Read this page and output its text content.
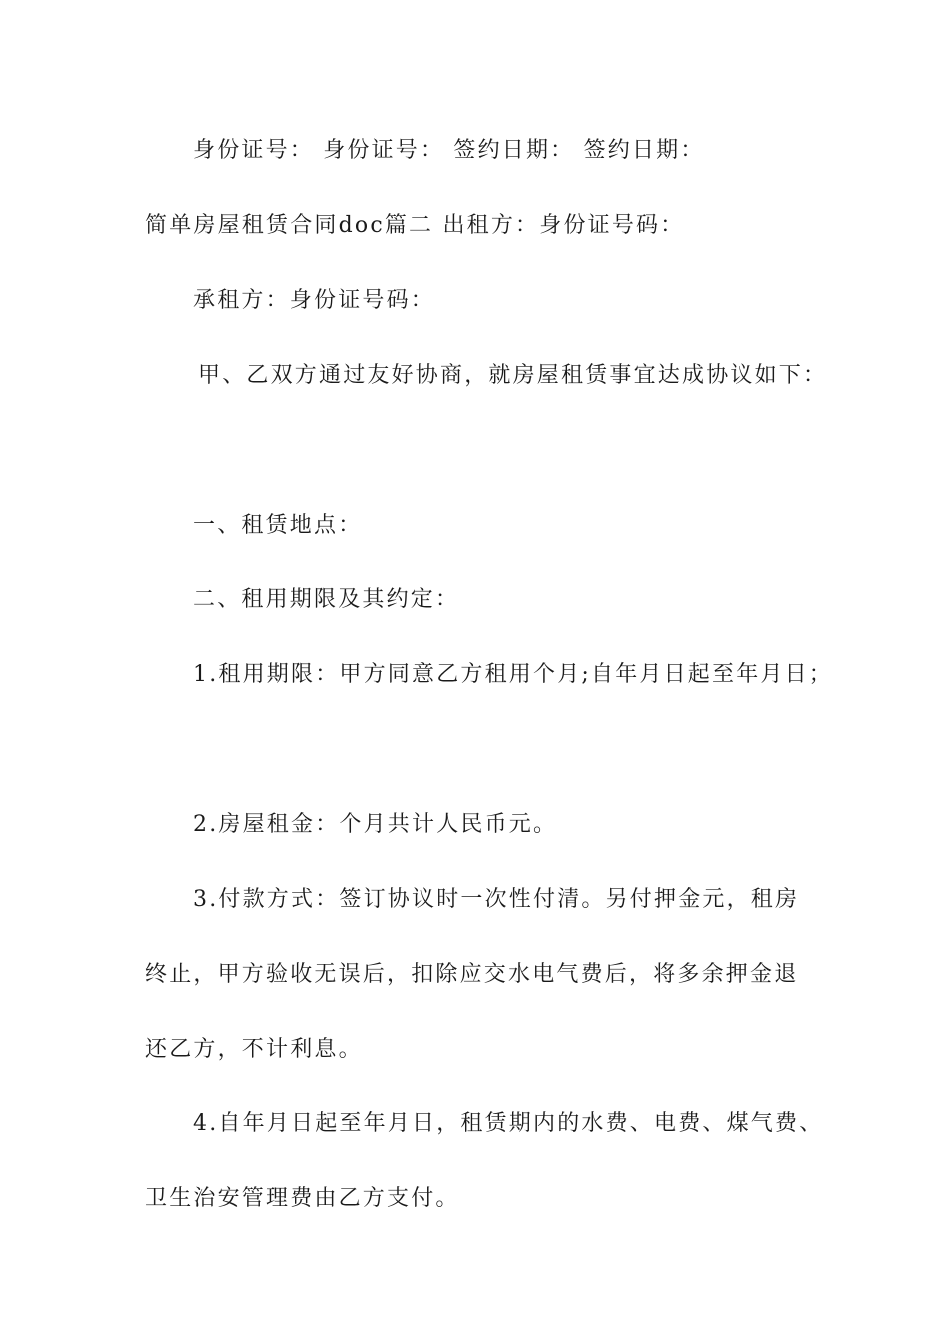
身份证号： 身份证号： 签约日期： 签约日期：
简单房屋租赁合同doc篇二 出租方：身份证号码：
承租方：身份证号码：
甲、乙双方通过友好协商，就房屋租赁事宜达成协议如下：
一、租赁地点：
二、租用期限及其约定：
1.租用期限：甲方同意乙方租用个月;自年月日起至年月日；
2.房屋租金：个月共计人民币元。
3.付款方式：签订协议时一次性付清。另付押金元，租房
终止，甲方验收无误后，扣除应交水电气费后，将多余押金退
还乙方，不计利息。
4.自年月日起至年月日，租赁期内的水费、电费、煤气费、
卫生治安管理费由乙方支付。
